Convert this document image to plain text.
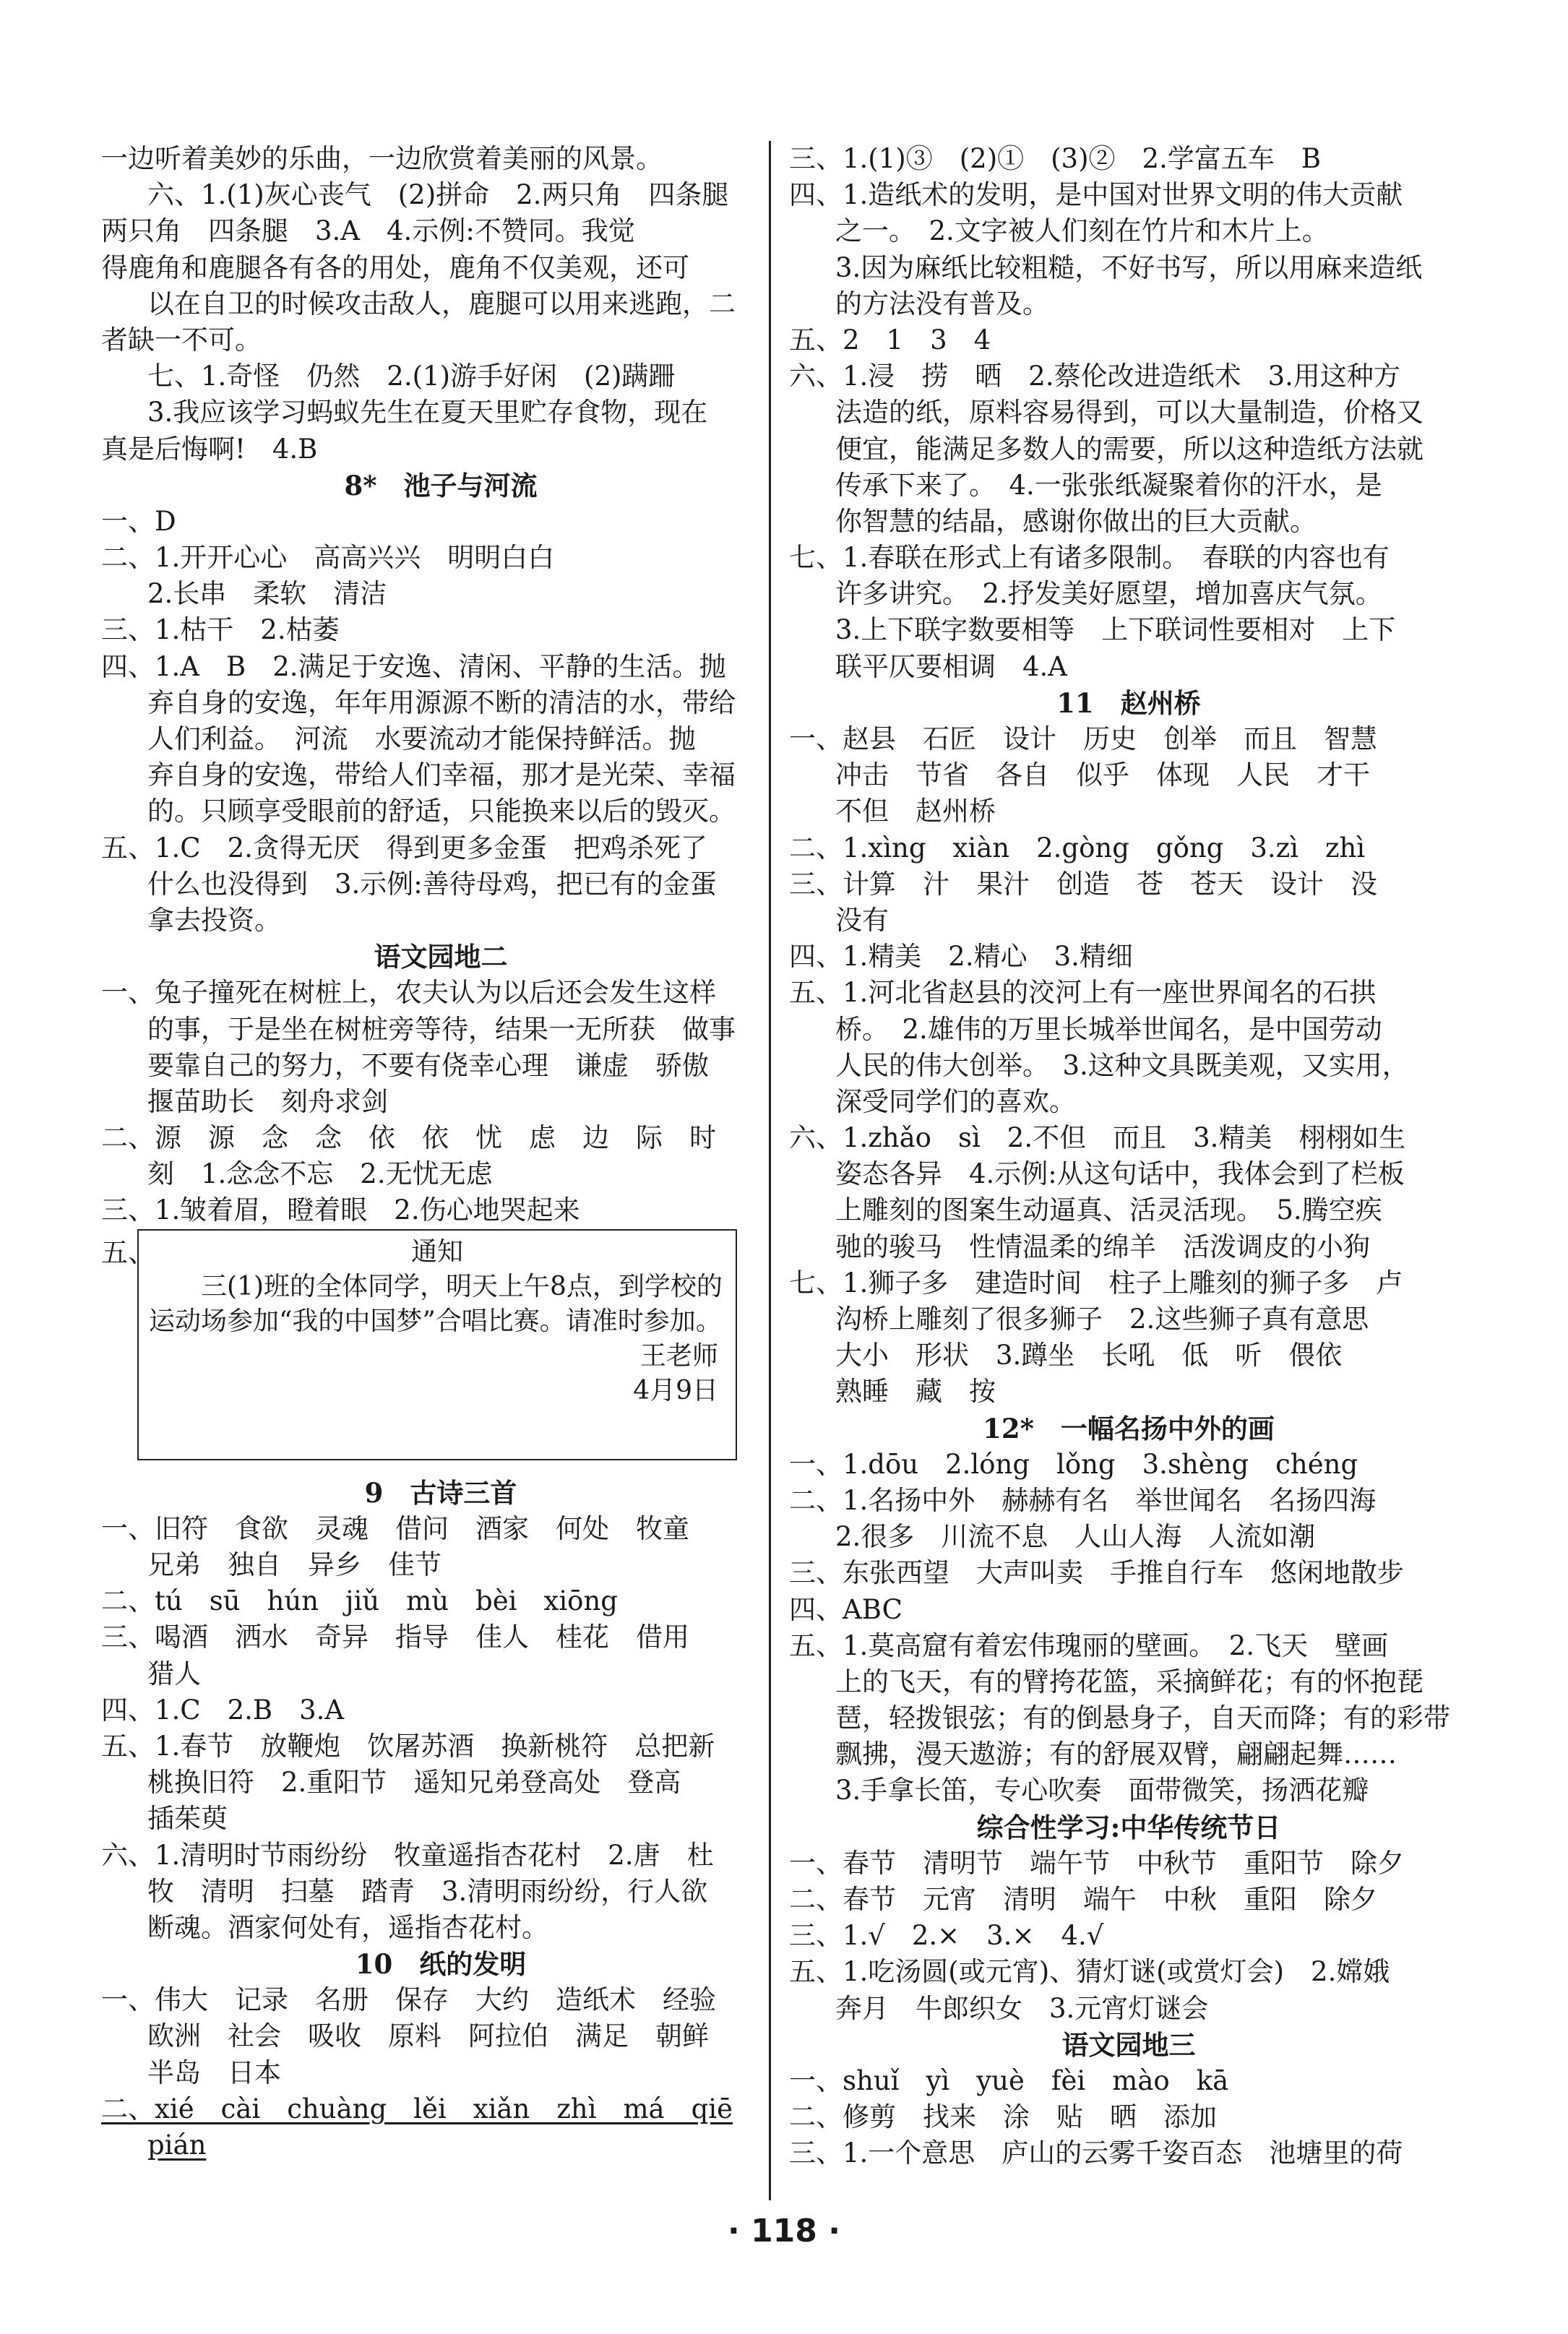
一边听着美妙的乐曲，一边欣赏着美丽的风景。
六、1.(1)灰心丧气　(2)拼命　2.两只角　四条腿
两只角　四条腿　3.A　4.示例:不赞同。我觉
得鹿角和鹿腿各有各的用处，鹿角不仅美观，还可
以在自卫的时候攻击敌人，鹿腿可以用来逃跑，二
者缺一不可。
七、1.奇怪　仍然　2.(1)游手好闲　(2)蹒跚
3.我应该学习蚂蚁先生在夏天里贮存食物，现在
真是后悔啊!　4.B
8*　池子与河流
一、D
二、1.开开心心　高高兴兴　明明白白
2.长串　柔软　清洁
三、1.枯干　2.枯萎
四、1.A　B　2.满足于安逸、清闲、平静的生活。抛
弃自身的安逸，年年用源源不断的清洁的水，带给
人们利益。　河流　水要流动才能保持鲜活。抛
弃自身的安逸，带给人们幸福，那才是光荣、幸福
的。只顾享受眼前的舒适，只能换来以后的毁灭。
五、1.C　2.贪得无厌　得到更多金蛋　把鸡杀死了
什么也没得到　3.示例:善待母鸡，把已有的金蛋
拿去投资。
语文园地二
一、兔子撞死在树桩上，农夫认为以后还会发生这样
的事，于是坐在树桩旁等待，结果一无所获　做事
要靠自己的努力，不要有侥幸心理　谦虚　骄傲
揠苗助长　刻舟求剑
二、源　源　念　念　依　依　忧　虑　边　际　时
刻　1.念念不忘　2.无忧无虑
三、1.皱着眉，瞪着眼　2.伤心地哭起来
五、	通知
三(1)班的全体同学，明天上午8点，到学校的运动场参加“我的中国梦”合唱比赛。请准时参加。
王老师
4月9日
9　古诗三首
一、旧符　食欲　灵魂　借问　酒家　何处　牧童
兄弟　独自　异乡　佳节
二、tú　sū　hún　jiǔ　mù　bèi　xiōng
三、喝酒　洒水　奇异　指导　佳人　桂花　借用
猎人
四、1.C　2.B　3.A
五、1.春节　放鞭炮　饮屠苏酒　换新桃符　总把新
桃换旧符　2.重阳节　遥知兄弟登高处　登高
插茱萸
六、1.清明时节雨纷纷　牧童遥指杏花村　2.唐　杜
牧　清明　扫墓　踏青　3.清明雨纷纷，行人欲
断魂。酒家何处有，遥指杏花村。
10　纸的发明
一、伟大　记录　名册　保存　大约　造纸术　经验
欧洲　社会　吸收　原料　阿拉伯　满足　朝鲜
半岛　日本
二、xié　cài　chuàng　lěi　xiǎn　zhì　má　qiē
pián
三、1.(1)③　(2)①　(3)②　2.学富五车　B
四、1.造纸术的发明，是中国对世界文明的伟大贡献
之一。　2.文字被人们刻在竹片和木片上。
3.因为麻纸比较粗糙，不好书写，所以用麻来造纸
的方法没有普及。
五、2　1　3　4
六、1.浸　捞　晒　2.蔡伦改进造纸术　3.用这种方
法造的纸，原料容易得到，可以大量制造，价格又
便宜，能满足多数人的需要，所以这种造纸方法就
传承下来了。　4.一张张纸凝聚着你的汗水，是
你智慧的结晶，感谢你做出的巨大贡献。
七、1.春联在形式上有诸多限制。　春联的内容也有
许多讲究。　2.抒发美好愿望，增加喜庆气氛。
3.上下联字数要相等　上下联词性要相对　上下
联平仄要相调　4.A
11　赵州桥
一、赵县　石匠　设计　历史　创举　而且　智慧
冲击　节省　各自　似乎　体现　人民　才干
不但　赵州桥
二、1.xìng　xiàn　2.gòng　gǒng　3.zì　zhì
三、计算　汁　果汁　创造　苍　苍天　设计　没
没有
四、1.精美　2.精心　3.精细
五、1.河北省赵县的洨河上有一座世界闻名的石拱
桥。　2.雄伟的万里长城举世闻名，是中国劳动
人民的伟大创举。　3.这种文具既美观，又实用，
深受同学们的喜欢。
六、1.zhǎo　sì　2.不但　而且　3.精美　栩栩如生
姿态各异　4.示例:从这句话中，我体会到了栏板
上雕刻的图案生动逼真、活灵活现。　5.腾空疾
驰的骏马　性情温柔的绵羊　活泼调皮的小狗
七、1.狮子多　建造时间　柱子上雕刻的狮子多　卢
沟桥上雕刻了很多狮子　2.这些狮子真有意思
大小　形状　3.蹲坐　长吼　低　听　偎依
熟睡　藏　按
12*　一幅名扬中外的画
一、1.dōu　2.lóng　lǒng　3.shèng　chéng
二、1.名扬中外　赫赫有名　举世闻名　名扬四海
2.很多　川流不息　人山人海　人流如潮
三、东张西望　大声叫卖　手推自行车　悠闲地散步
四、ABC
五、1.莫高窟有着宏伟瑰丽的壁画。　2.飞天　壁画
上的飞天，有的臂挎花篮，采摘鲜花；有的怀抱琵
琶，轻拨银弦；有的倒悬身子，自天而降；有的彩带
飘拂，漫天遨游；有的舒展双臂，翩翩起舞……
3.手拿长笛，专心吹奏　面带微笑，扬洒花瓣
综合性学习:中华传统节日
一、春节　清明节　端午节　中秋节　重阳节　除夕
二、春节　元宵　清明　端午　中秋　重阳　除夕
三、1.√　2.×　3.×　4.√
五、1.吃汤圆(或元宵)、猜灯谜(或赏灯会)　2.嫦娥
奔月　牛郎织女　3.元宵灯谜会
语文园地三
一、shuǐ　yì　yuè　fèi　mào　kā
二、修剪　找来　涂　贴　晒　添加
三、1.一个意思　庐山的云雾千姿百态　池塘里的荷
· 118 ·
